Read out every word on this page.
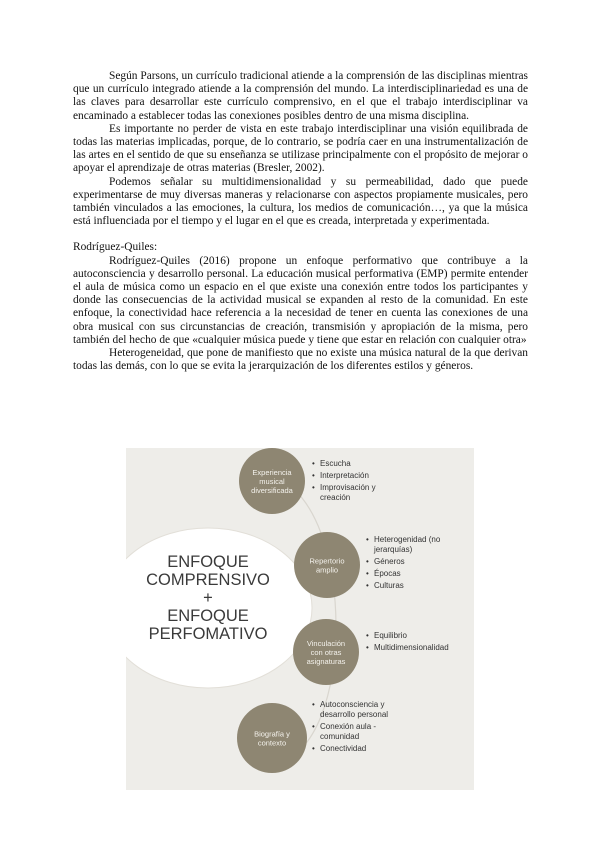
Según Parsons, un currículo tradicional atiende a la comprensión de las disciplinas mientras que un currículo integrado atiende a la comprensión del mundo. La interdisciplinariedad es una de las claves para desarrollar este currículo comprensivo, en el que el trabajo interdisciplinar va encaminado a establecer todas las conexiones posibles dentro de una misma disciplina.

Es importante no perder de vista en este trabajo interdisciplinar una visión equilibrada de todas las materias implicadas, porque, de lo contrario, se podría caer en una instrumentalización de las artes en el sentido de que su enseñanza se utilizase principalmente con el propósito de mejorar o apoyar el aprendizaje de otras materias (Bresler, 2002).

Podemos señalar su multidimensionalidad y su permeabilidad, dado que puede experimentarse de muy diversas maneras y relacionarse con aspectos propiamente musicales, pero también vinculados a las emociones, la cultura, los medios de comunicación…, ya que la música está influenciada por el tiempo y el lugar en el que es creada, interpretada y experimentada.

Rodríguez-Quiles:

Rodríguez-Quiles (2016) propone un enfoque performativo que contribuye a la autoconsciencia y desarrollo personal. La educación musical performativa (EMP) permite entender el aula de música como un espacio en el que existe una conexión entre todos los participantes y donde las consecuencias de la actividad musical se expanden al resto de la comunidad. En este enfoque, la conectividad hace referencia a la necesidad de tener en cuenta las conexiones de una obra musical con sus circunstancias de creación, transmisión y apropiación de la misma, pero también del hecho de que «cualquier música puede y tiene que estar en relación con cualquier otra»

Heterogeneidad, que pone de manifiesto que no existe una música natural de la que derivan todas las demás, con lo que se evita la jerarquización de los diferentes estilos y géneros.

ENFOQUE
COMPRENSIVO
+
ENFOQUE
PERFOMATIVO
Experiencia
musical
diversificada
• Escucha
• Interpretación
• Improvisación y
creación
Repertorio
amplio
• Heterogenidad (no
jerarquías)
• Géneros
• Épocas
• Culturas
Vinculación
con otras
asignaturas
• Equilibrio
• Multidimensionalidad
Biografía y
contexto
• Autoconsciencia y
desarrollo personal
• Conexión aula -
comunidad
• Conectividad
